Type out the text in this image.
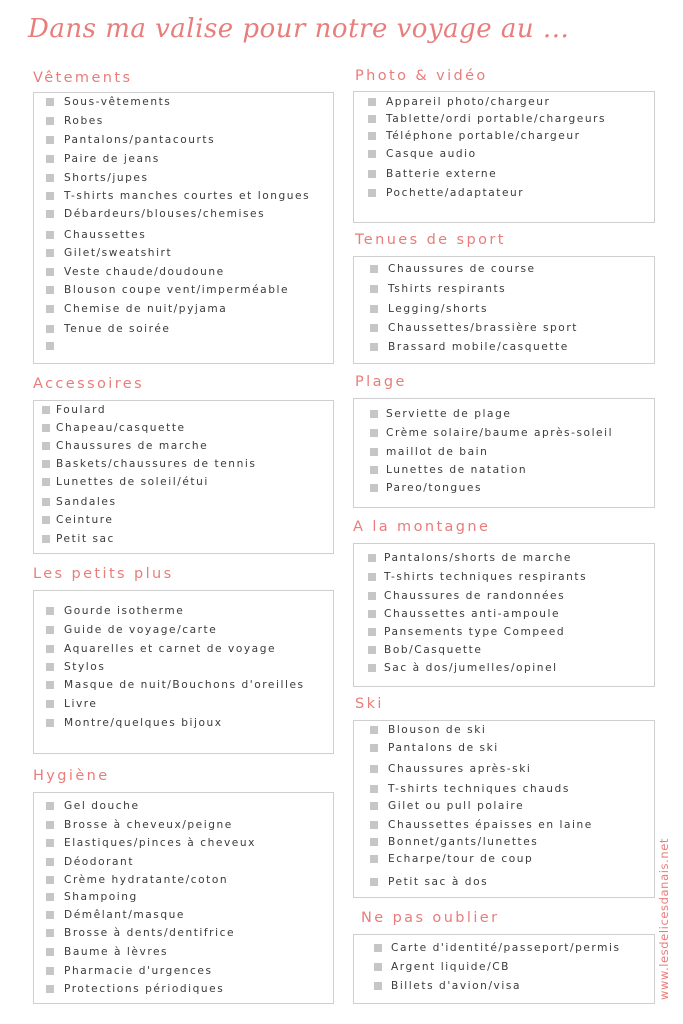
Dans ma valise pour notre voyage au ...
Vêtements
Accessoires
Les petits plus
Hygiène
Photo & vidéo
Tenues de sport
Plage
A la montagne
Ski
Ne pas oublier
Sous-vêtements
Robes
Pantalons/pantacourts
Paire de jeans
Shorts/jupes
T-shirts manches courtes et longues
Débardeurs/blouses/chemises
Chaussettes
Gilet/sweatshirt
Veste chaude/doudoune
Blouson coupe vent/imperméable
Chemise de nuit/pyjama
Tenue de soirée
Foulard
Chapeau/casquette
Chaussures de marche
Baskets/chaussures de tennis
Lunettes de soleil/étui
Sandales
Ceinture
Petit sac
Gourde isotherme
Guide de voyage/carte
Aquarelles et carnet de voyage
Stylos
Masque de nuit/Bouchons d'oreilles
Livre
Montre/quelques bijoux
Gel douche
Brosse à cheveux/peigne
Elastiques/pinces à cheveux
Déodorant
Crème hydratante/coton
Shampoing
Démêlant/masque
Brosse à dents/dentifrice
Baume à lèvres
Pharmacie d'urgences
Protections périodiques
Appareil photo/chargeur
Tablette/ordi portable/chargeurs
Téléphone portable/chargeur
Casque audio
Batterie externe
Pochette/adaptateur
Chaussures de course
Tshirts respirants
Legging/shorts
Chaussettes/brassière sport
Brassard mobile/casquette
Serviette de plage
Crème solaire/baume après-soleil
maillot de bain
Lunettes de natation
Pareo/tongues
Pantalons/shorts de marche
T-shirts techniques respirants
Chaussures de randonnées
Chaussettes anti-ampoule
Pansements type Compeed
Bob/Casquette
Sac à dos/jumelles/opinel
Blouson de ski
Pantalons de ski
Chaussures après-ski
T-shirts techniques chauds
Gilet ou pull polaire
Chaussettes épaisses en laine
Bonnet/gants/lunettes
Echarpe/tour de coup
Petit sac à dos
Carte d'identité/passeport/permis
Argent liquide/CB
Billets d'avion/visa	www.lesdelicesdanais.net
